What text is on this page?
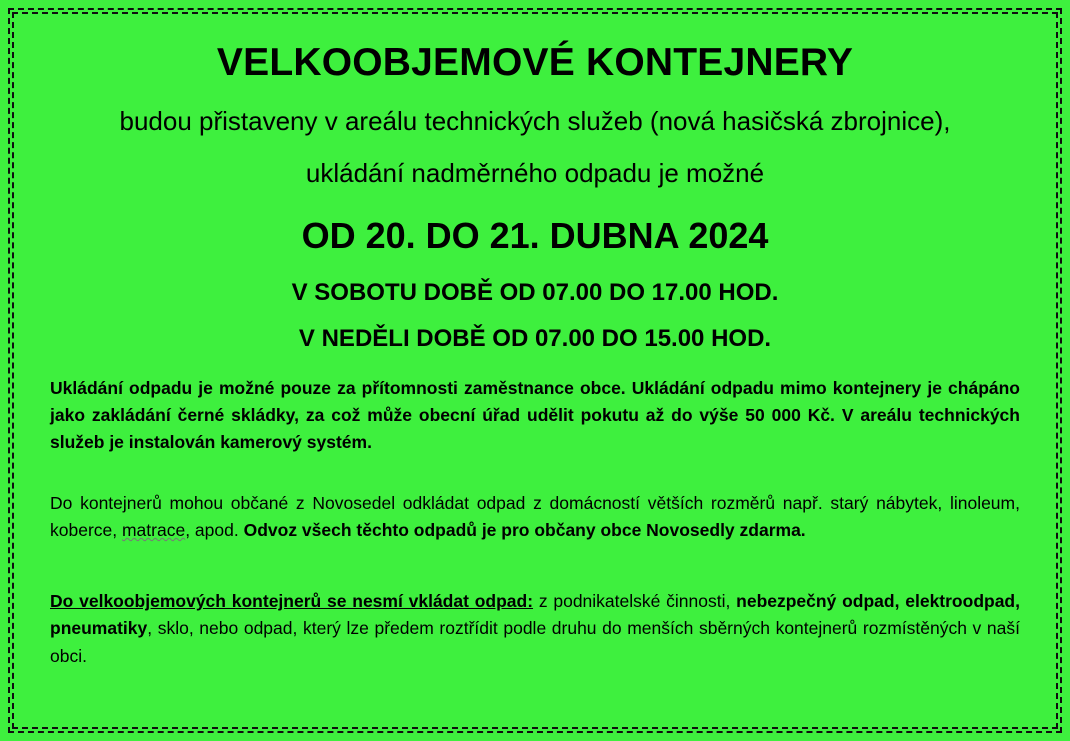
VELKOOBJEMOVÉ KONTEJNERY

budou přistaveny v areálu technických služeb (nová hasičská zbrojnice),

ukládání nadměrného odpadu je možné

OD 20. DO 21. DUBNA 2024

V SOBOTU DOBĚ OD 07.00 DO 17.00 HOD.

V NEDĚLI DOBĚ OD 07.00 DO 15.00 HOD.

Ukládání odpadu je možné pouze za přítomnosti zaměstnance obce. Ukládání odpadu mimo kontejnery je chápáno jako zakládání černé skládky, za což může obecní úřad udělit pokutu až do výše 50 000 Kč. V areálu technických služeb je instalován kamerový systém.

Do kontejnerů mohou občané z Novosedel odkládat odpad z domácností větších rozměrů např. starý nábytek, linoleum, koberce, matrace, apod. Odvoz všech těchto odpadů je pro občany obce Novosedly zdarma.

Do velkoobjemových kontejnerů se nesmí vkládat odpad: z podnikatelské činnosti, nebezpečný odpad, elektroodpad, pneumatiky, sklo, nebo odpad, který lze předem roztřídit podle druhu do menších sběrných kontejnerů rozmístěných v naší obci.
